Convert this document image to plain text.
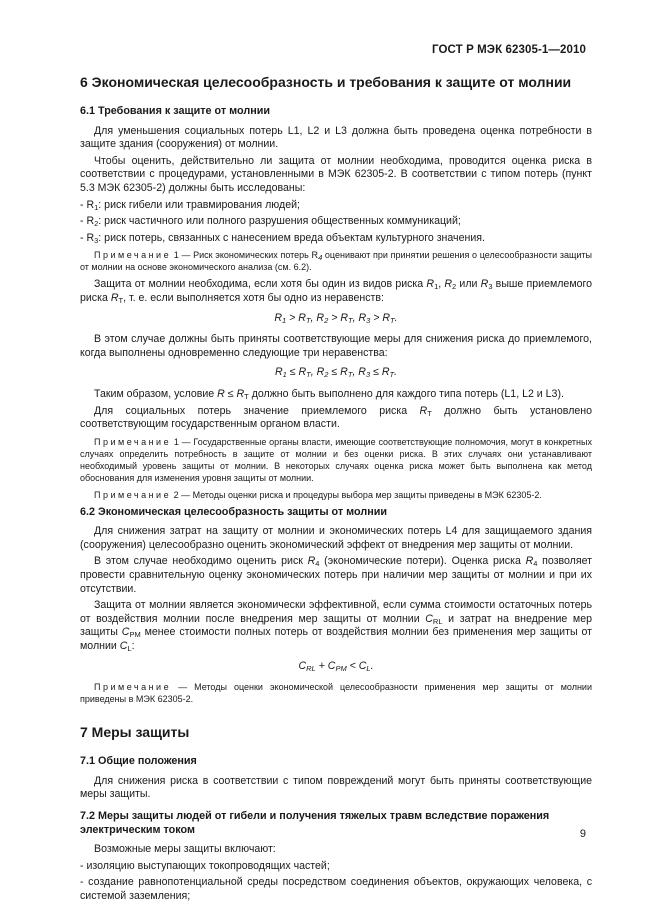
ГОСТ Р МЭК 62305-1—2010
6 Экономическая целесообразность и требования к защите от молнии
6.1 Требования к защите от молнии

Для уменьшения социальных потерь L1, L2 и L3 должна быть проведена оценка потребности в защите здания (сооружения) от молнии.

Чтобы оценить, действительно ли защита от молнии необходима, проводится оценка риска в соответствии с процедурами, установленными в МЭК 62305-2. В соответствии с типом потерь (пункт 5.3 МЭК 62305-2) должны быть исследованы:

- $R_1$: риск гибели или травмирования людей;

- $R_2$: риск частичного или полного разрушения общественных коммуникаций;

- $R_3$: риск потерь, связанных с нанесением вреда объектам культурного значения.

Примечание 1 — Риск экономических потерь $R_4$ оценивают при принятии решения о целесообразности защиты от молнии на основе экономического анализа (см. 6.2).

Защита от молнии необходима, если хотя бы один из видов риска $R_1$, $R_2$ или $R_3$ выше приемлемого риска $R_T$, т. е. если выполняется хотя бы одно из неравенств:

$R_1 > R_T$, $R_2 > R_T$, $R_3 > R_T$.

В этом случае должны быть приняты соответствующие меры для снижения риска до приемлемого, когда выполнены одновременно следующие три неравенства:

$R_1 \le R_T$, $R_2 \le R_T$, $R_3 \le R_T$.

Таким образом, условие $R \le R_T$ должно быть выполнено для каждого типа потерь (L1, L2 и L3).

Для социальных потерь значение приемлемого риска $R_T$ должно быть установлено соответствующим государственным органом власти.

Примечание 1 — Государственные органы власти, имеющие соответствующие полномочия, могут в конкретных случаях определить потребность в защите от молнии и без оценки риска. В этих случаях они устанавливают необходимый уровень защиты от молнии. В некоторых случаях оценка риска может быть выполнена как метод обоснования для изменения уровня защиты от молнии.
Примечание 2 — Методы оценки риска и процедуры выбора мер защиты приведены в МЭК 62305-2.
6.2 Экономическая целесообразность защиты от молнии

Для снижения затрат на защиту от молнии и экономических потерь L4 для защищаемого здания (сооружения) целесообразно оценить экономический эффект от внедрения мер защиты от молнии.

В этом случае необходимо оценить риск $R_4$ (экономические потери). Оценка риска $R_4$ позволяет провести сравнительную оценку экономических потерь при наличии мер защиты от молнии и при их отсутствии.

Защита от молнии является экономически эффективной, если сумма стоимости остаточных потерь от воздействия молнии после внедрения мер защиты от молнии $C_{RL}$ и затрат на внедрение мер защиты $C_{PM}$ менее стоимости полных потерь от воздействия молнии без применения мер защиты от молнии $C_L$:

$C_{RL} + C_{PM} < C_L$.
Примечание — Методы оценки экономической целесообразности применения мер защиты от молнии приведены в МЭК 62305-2.
7 Меры защиты
7.1 Общие положения

Для снижения риска в соответствии с типом повреждений могут быть приняты соответствующие меры защиты.

7.2 Меры защиты людей от гибели и получения тяжелых травм вследствие поражения электрическим током

Возможные меры защиты включают:

- изоляцию выступающих токопроводящих частей;

- создание равнопотенциальной среды посредством соединения объектов, окружающих человека, с системой заземления;

9
